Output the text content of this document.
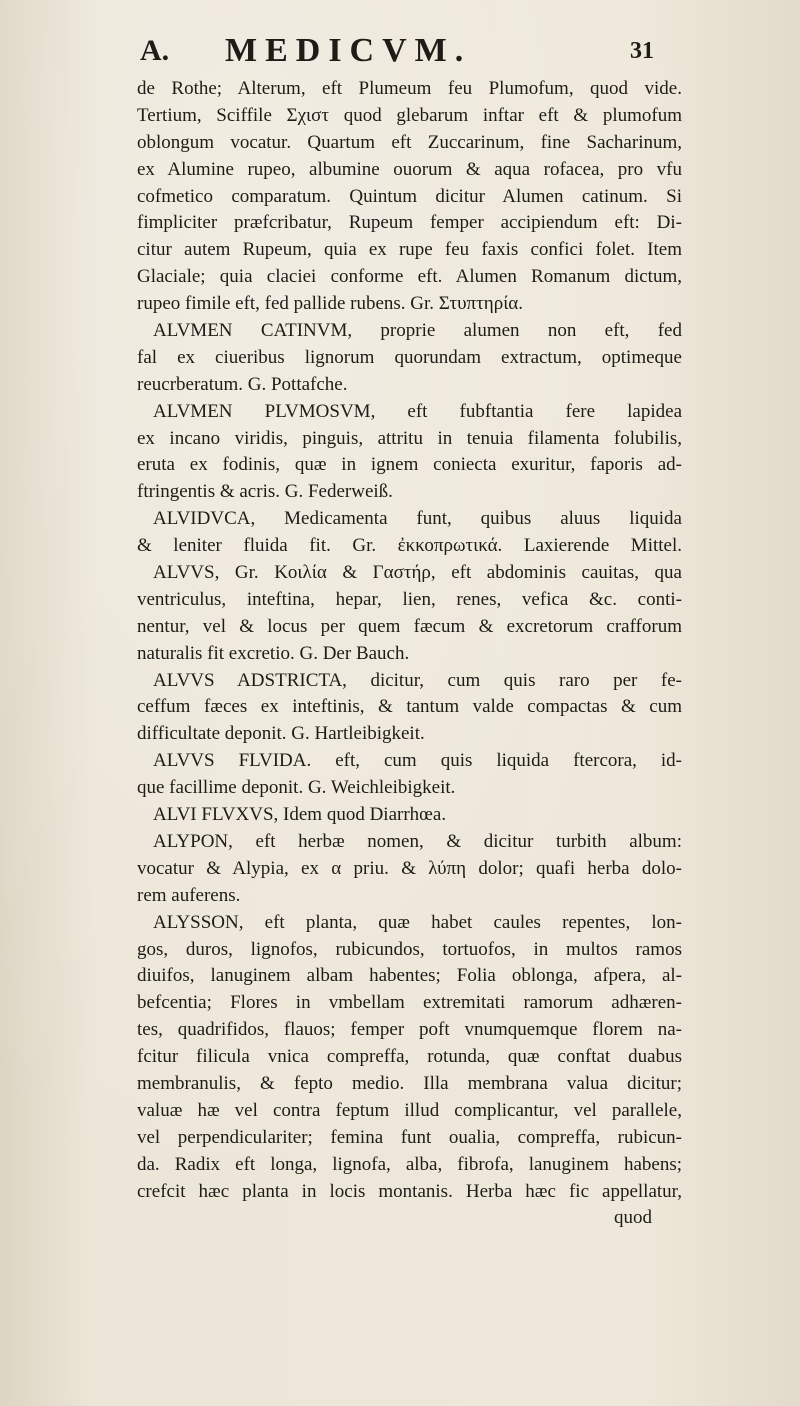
A. MEDICVM.	31
de Rothe; Alterum, eft Plumeum feu Plumofum, quod vide.
Tertium, Sciffile Σχιστ quod glebarum inftar eft & plumofum
oblongum vocatur. Quartum eft Zuccarinum, fine Sacharinum,
ex Alumine rupeo, albumine ouorum & aqua rofacea, pro vfu
cofmetico comparatum. Quintum dicitur Alumen catinum. Si
fimpliciter præfcribatur, Rupeum femper accipiendum eft: Di-
citur autem Rupeum, quia ex rupe feu faxis confici folet. Item
Glaciale; quia claciei conforme eft. Alumen Romanum dictum,
rupeo fimile eft, fed pallide rubens. Gr. Στυπτηρία.
ALVMEN CATINVM, proprie alumen non eft, fed
fal ex ciueribus lignorum quorundam extractum, optimeque
reucrberatum. G. Pottafche.
ALVMEN PLVMOSVM, eft fubftantia fere lapidea
ex incano viridis, pinguis, attritu in tenuia filamenta folubilis,
eruta ex fodinis, quæ in ignem coniecta exuritur, faporis ad-
ftringentis & acris. G. Federweiß.
ALVIDVCA, Medicamenta funt, quibus aluus liquida
& leniter fluida fit. Gr. ἐκκοπρωτικά. Laxierende Mittel.
ALVVS, Gr. Κοιλία & Γαστήρ, eft abdominis cauitas, qua
ventriculus, inteftina, hepar, lien, renes, vefica &c. conti-
nentur, vel & locus per quem fæcum & excretorum crafforum
naturalis fit excretio. G. Der Bauch.
ALVVS ADSTRICTA, dicitur, cum quis raro per fe-
ceffum fæces ex inteftinis, & tantum valde compactas & cum
difficultate deponit. G. Hartleibigkeit.
ALVVS FLVIDA. eft, cum quis liquida ftercora, id-
que facillime deponit. G. Weichleibigkeit.
ALVI FLVXVS, Idem quod Diarrhœa.
ALYPON, eft herbæ nomen, & dicitur turbith album:
vocatur & Alypia, ex α priu. & λύπη dolor; quafi herba dolo-
rem auferens.
ALYSSON, eft planta, quæ habet caules repentes, lon-
gos, duros, lignofos, rubicundos, tortuofos, in multos ramos
diuifos, lanuginem albam habentes; Folia oblonga, afpera, al-
befcentia; Flores in vmbellam extremitati ramorum adhæren-
tes, quadrifidos, flauos; femper poft vnumquemque florem na-
fcitur filicula vnica compreffa, rotunda, quæ conftat duabus
membranulis, & fepto medio. Illa membrana valua dicitur;
valuæ hæ vel contra feptum illud complicantur, vel parallele,
vel perpendiculariter; femina funt oualia, compreffa, rubicun-
da. Radix eft longa, lignofa, alba, fibrofa, lanuginem habens;
crefcit hæc planta in locis montanis. Herba hæc fic appellatur,
quod
